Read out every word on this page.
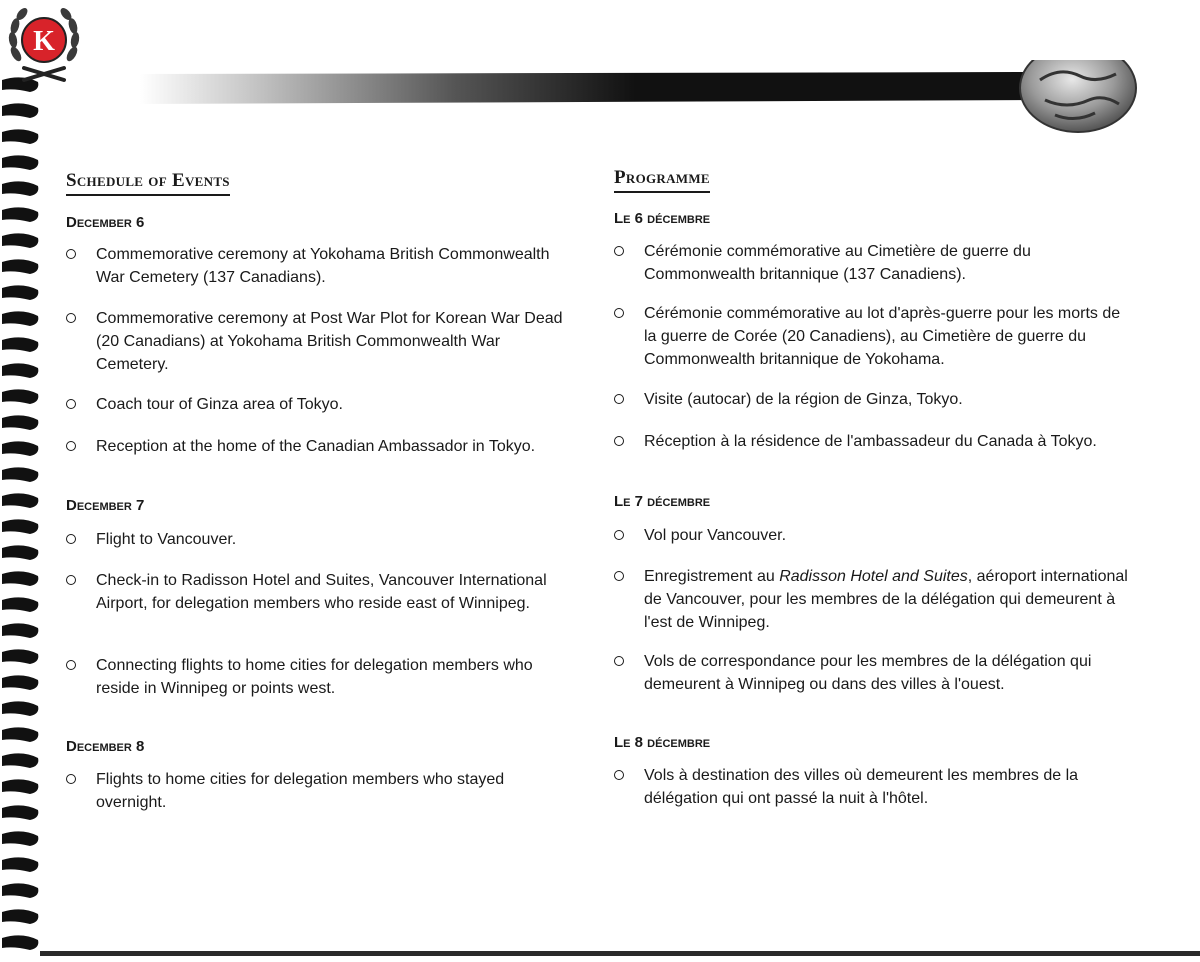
K
Schedule of Events
December 6
Commemorative ceremony at Yokohama British Commonwealth War Cemetery (137 Canadians).
Commemorative ceremony at Post War Plot for Korean War Dead (20 Canadians) at Yokohama British Commonwealth War Cemetery.
Coach tour of Ginza area of Tokyo.
Reception at the home of the Canadian Ambassador in Tokyo.
December 7
Flight to Vancouver.
Check-in to Radisson Hotel and Suites, Vancouver International Airport, for delegation members who reside east of Winnipeg.
Connecting flights to home cities for delegation members who reside in Winnipeg or points west.
December 8
Flights to home cities for delegation members who stayed overnight.
Programme
Le 6 décembre
Cérémonie commémorative au Cimetière de guerre du Commonwealth britannique (137 Canadiens).
Cérémonie commémorative au lot d'après-guerre pour les morts de la guerre de Corée (20 Canadiens), au Cimetière de guerre du Commonwealth britannique de Yokohama.
Visite (autocar) de la région de Ginza, Tokyo.
Réception à la résidence de l'ambassadeur du Canada à Tokyo.
Le 7 décembre
Vol pour Vancouver.
Enregistrement au Radisson Hotel and Suites, aéroport international de Vancouver, pour les membres de la délégation qui demeurent à l'est de Winnipeg.
Vols de correspondance pour les membres de la délégation qui demeurent à Winnipeg ou dans des villes à l'ouest.
Le 8 décembre
Vols à destination des villes où demeurent les membres de la délégation qui ont passé la nuit à l'hôtel.
